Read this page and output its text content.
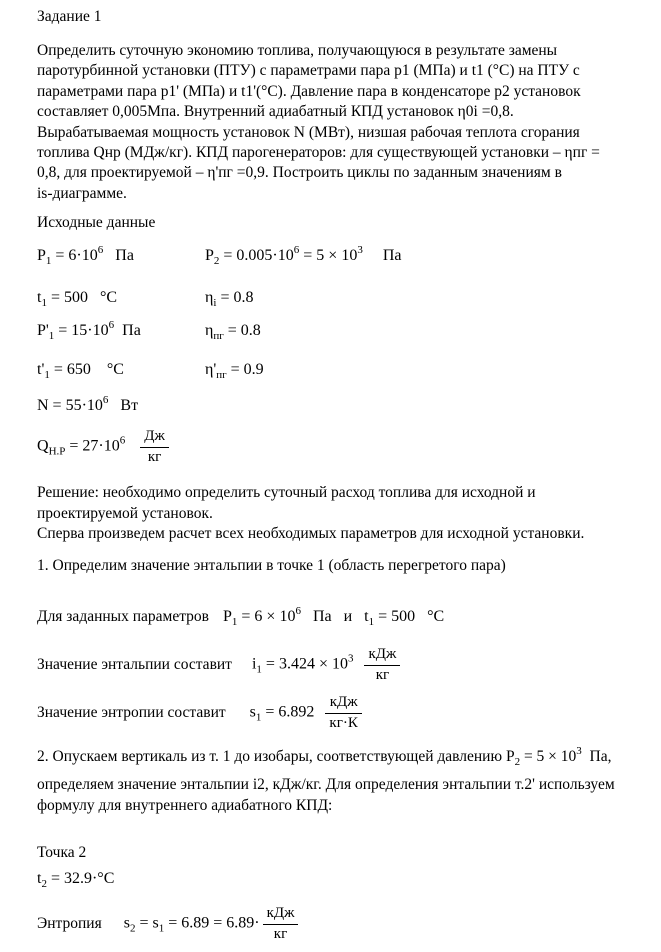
Задание 1
Определить суточную экономию топлива, получающуюся в результате замены
паротурбинной установки (ПТУ) с параметрами пара p1 (МПа) и t1 (°С) на ПТУ с
параметрами пара p1' (МПа) и t1'(°С). Давление пара в конденсаторе p2 установок
составляет 0,005Мпа. Внутренний адиабатный КПД установок η0i =0,8.
Вырабатываемая мощность установок N (МВт), низшая рабочая теплота сгорания
топлива Qнр (МДж/кг). КПД парогенераторов: для существующей установки – ηпг =
0,8, для проектируемой – η'пг =0,9. Построить циклы по заданным значениям в
is-диаграмме.
Исходные данные
$P_1 = 6\cdot 10^6$   Па	$P_2 = 0.005\cdot 10^6 = 5 \times 10^3$     Па
$t_1 = 500$   °С	$\eta_i = 0.8$
$P'_1 = 15\cdot 10^6$  Па	$\eta_{пг} = 0.8$
$t'_1 = 650$    °С	$\eta'_{пг} = 0.9$
$N = 55\cdot 10^6$   Вт
$Q_{Н.Р} = 27\cdot 10^6 \frac{Дж}{кг}$
Решение: необходимо определить суточный расход топлива для исходной и
проектируемой установок.
Сперва произведем расчет всех необходимых параметров для исходной установки.
1. Определим значение энтальпии в точке 1 (область перегретого пара)
Для заданных параметров $P_1 = 6 \times 10^6$   Па   и   $t_1 = 500$   °С
Значение энтальпии составит $i_1 = 3.424 \times 10^3 \frac{\text{кДж}}{кг}$
Значение энтропии составит $s_1 = 6.892 \frac{\text{кДж}}{кг\cdot К}$
2. Опускаем вертикаль из т. 1 до изобары, соответствующей давлению $P_2 = 5 \times 10^3$  Па,
определяем значение энтальпии i2, кДж/кг. Для определения энтальпии т.2' используем
формулу для внутреннего адиабатного КПД:
Точка 2
$t_2 = 32.9\cdot^\circ С$
Энтропия $s_2 = s_1 = 6.89 = 6.89\cdot \frac{\text{кДж}}{кг}$
